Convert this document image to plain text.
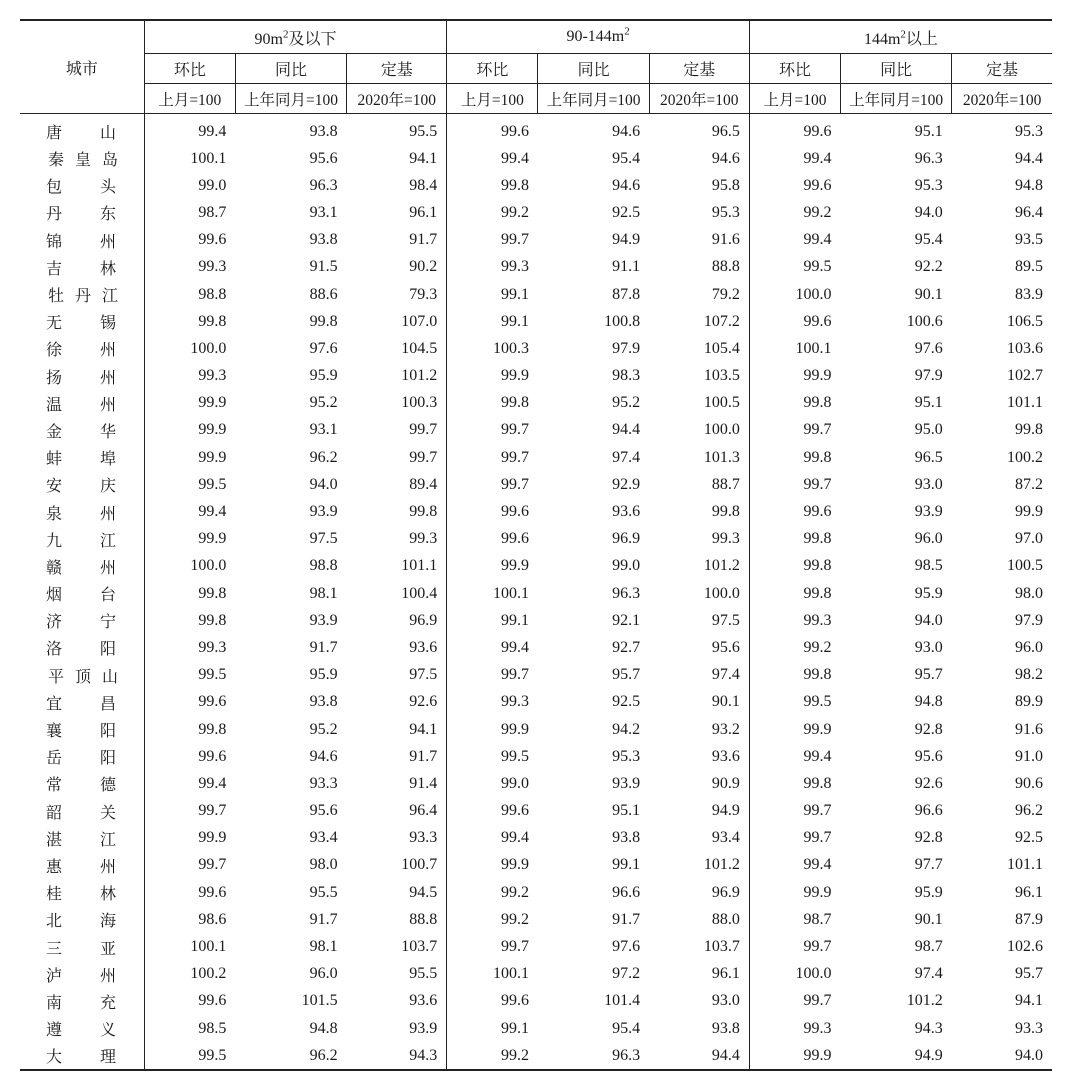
城市	$90m^2$及以下			$90-144m^2$			$144m^2$以上		
	环比	同比	定基	环比	同比	定基	环比	同比	定基
	上月=100	上年同月=100	2020年=100	上月=100	上年同月=100	2020年=100	上月=100	上年同月=100	2020年=100
唐 山	99.4	93.8	95.5	99.6	94.6	96.5	99.6	95.1	95.3
秦 皇 岛	100.1	95.6	94.1	99.4	95.4	94.6	99.4	96.3	94.4
包 头	99.0	96.3	98.4	99.8	94.6	95.8	99.6	95.3	94.8
丹 东	98.7	93.1	96.1	99.2	92.5	95.3	99.2	94.0	96.4
锦 州	99.6	93.8	91.7	99.7	94.9	91.6	99.4	95.4	93.5
吉 林	99.3	91.5	90.2	99.3	91.1	88.8	99.5	92.2	89.5
牡 丹 江	98.8	88.6	79.3	99.1	87.8	79.2	100.0	90.1	83.9
无 锡	99.8	99.8	107.0	99.1	100.8	107.2	99.6	100.6	106.5
徐 州	100.0	97.6	104.5	100.3	97.9	105.4	100.1	97.6	103.6
扬 州	99.3	95.9	101.2	99.9	98.3	103.5	99.9	97.9	102.7
温 州	99.9	95.2	100.3	99.8	95.2	100.5	99.8	95.1	101.1
金 华	99.9	93.1	99.7	99.7	94.4	100.0	99.7	95.0	99.8
蚌 埠	99.9	96.2	99.7	99.7	97.4	101.3	99.8	96.5	100.2
安 庆	99.5	94.0	89.4	99.7	92.9	88.7	99.7	93.0	87.2
泉 州	99.4	93.9	99.8	99.6	93.6	99.8	99.6	93.9	99.9
九 江	99.9	97.5	99.3	99.6	96.9	99.3	99.8	96.0	97.0
赣 州	100.0	98.8	101.1	99.9	99.0	101.2	99.8	98.5	100.5
烟 台	99.8	98.1	100.4	100.1	96.3	100.0	99.8	95.9	98.0
济 宁	99.8	93.9	96.9	99.1	92.1	97.5	99.3	94.0	97.9
洛 阳	99.3	91.7	93.6	99.4	92.7	95.6	99.2	93.0	96.0
平 顶 山	99.5	95.9	97.5	99.7	95.7	97.4	99.8	95.7	98.2
宜 昌	99.6	93.8	92.6	99.3	92.5	90.1	99.5	94.8	89.9
襄 阳	99.8	95.2	94.1	99.9	94.2	93.2	99.9	92.8	91.6
岳 阳	99.6	94.6	91.7	99.5	95.3	93.6	99.4	95.6	91.0
常 德	99.4	93.3	91.4	99.0	93.9	90.9	99.8	92.6	90.6
韶 关	99.7	95.6	96.4	99.6	95.1	94.9	99.7	96.6	96.2
湛 江	99.9	93.4	93.3	99.4	93.8	93.4	99.7	92.8	92.5
惠 州	99.7	98.0	100.7	99.9	99.1	101.2	99.4	97.7	101.1
桂 林	99.6	95.5	94.5	99.2	96.6	96.9	99.9	95.9	96.1
北 海	98.6	91.7	88.8	99.2	91.7	88.0	98.7	90.1	87.9
三 亚	100.1	98.1	103.7	99.7	97.6	103.7	99.7	98.7	102.6
泸 州	100.2	96.0	95.5	100.1	97.2	96.1	100.0	97.4	95.7
南 充	99.6	101.5	93.6	99.6	101.4	93.0	99.7	101.2	94.1
遵 义	98.5	94.8	93.9	99.1	95.4	93.8	99.3	94.3	93.3
大 理	99.5	96.2	94.3	99.2	96.3	94.4	99.9	94.9	94.0
